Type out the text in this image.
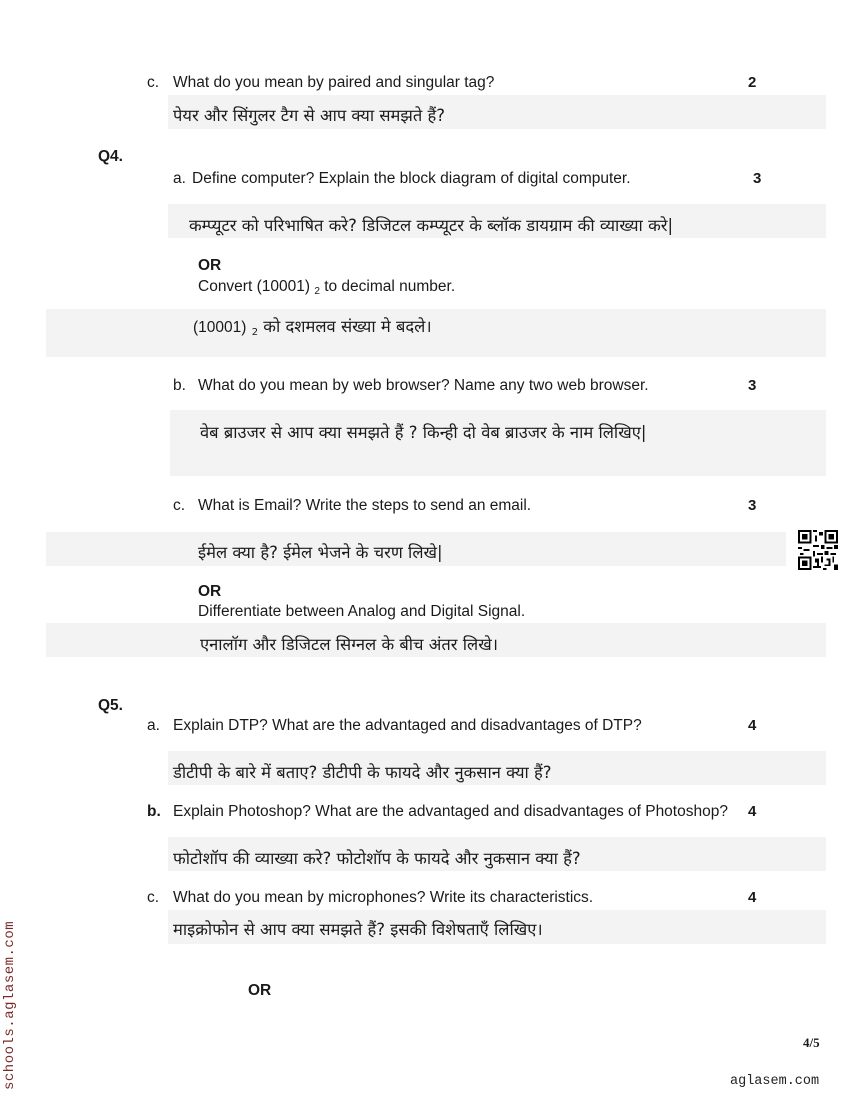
c. What do you mean by paired and singular tag?	2
पेयर और सिंगुलर टैग से आप क्या समझते हैं?
Q4.
a. Define computer? Explain the block diagram of digital computer.	3
कम्प्यूटर को परिभाषित करे? डिजिटल कम्प्यूटर के ब्लॉक डायग्राम की व्याख्या करे|
OR
Convert (10001) 2 to decimal number.
(10001) 2 को दशमलव संख्या मे बदले।
b. What do you mean by web browser? Name any two web browser.	3
वेब ब्राउजर से आप क्या समझते हैं ? किन्ही दो वेब ब्राउजर के नाम लिखिए|
c. What is Email? Write the steps to send an email.	3
ईमेल क्या है? ईमेल भेजने के चरण लिखे|
OR
Differentiate between Analog and Digital Signal.
एनालॉग और डिजिटल सिग्नल के बीच अंतर लिखे।
Q5.
a. Explain DTP? What are the advantaged and disadvantages of DTP?	4
डीटीपी के बारे में बताए? डीटीपी के फायदे और नुकसान क्या हैं?
b. Explain Photoshop? What are the advantaged and disadvantages of Photoshop? 4
फोटोशॉप की व्याख्या करे? फोटोशॉप के फायदे और नुकसान क्या हैं?
c. What do you mean by microphones? Write its characteristics.	4
माइक्रोफोन से आप क्या समझते हैं? इसकी विशेषताएँ लिखिए।
OR
4/5
aglasem.com
schools.aglasem.com
